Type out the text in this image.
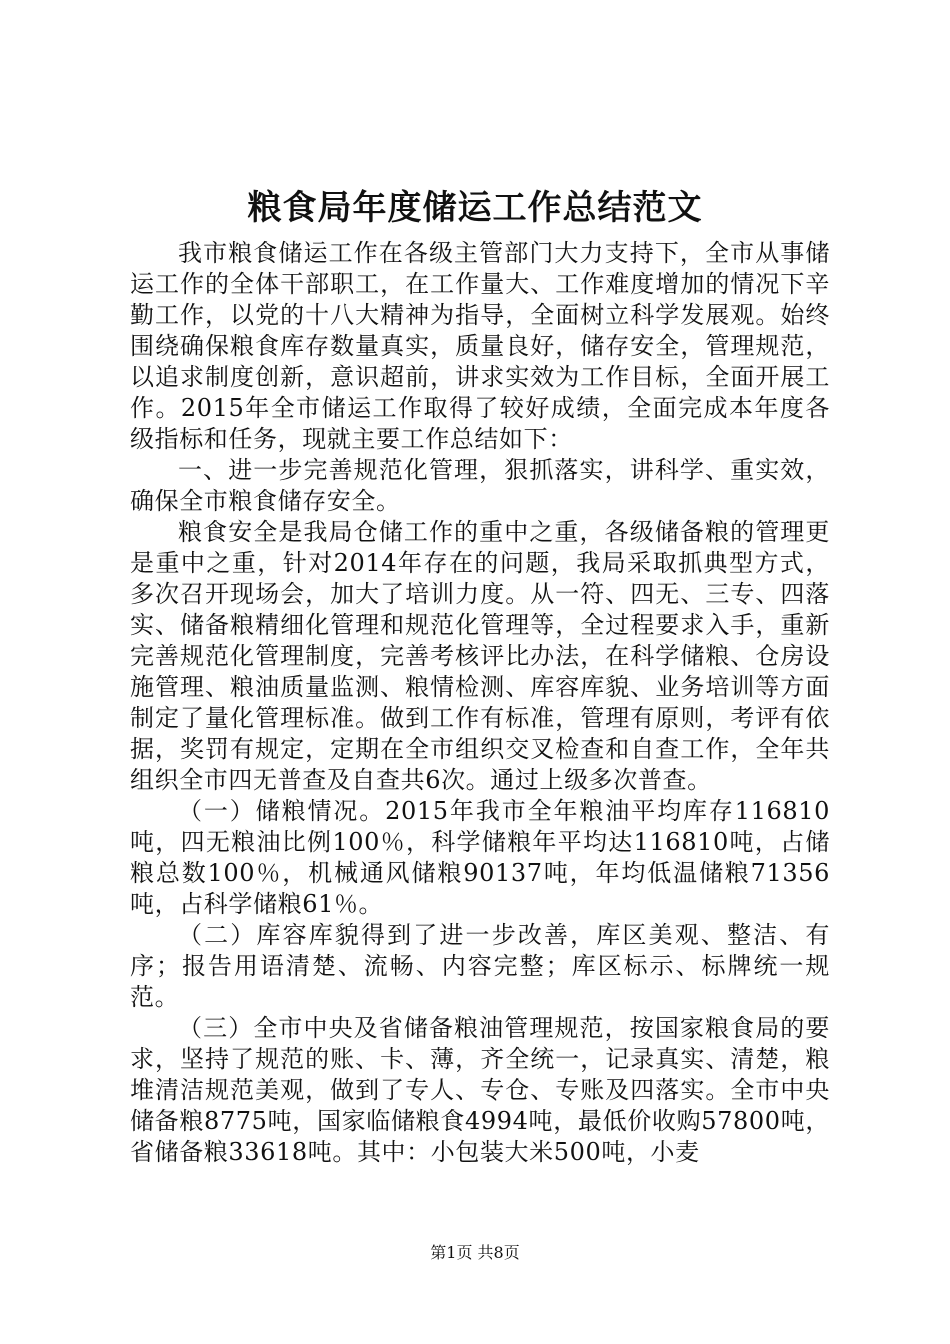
粮食局年度储运工作总结范文

我市粮食储运工作在各级主管部门大力支持下，全市从事储运工作的全体干部职工，在工作量大、工作难度增加的情况下辛勤工作，以党的十八大精神为指导，全面树立科学发展观。始终围绕确保粮食库存数量真实，质量良好，储存安全，管理规范，以追求制度创新，意识超前，讲求实效为工作目标，全面开展工作。2015年全市储运工作取得了较好成绩，全面完成本年度各级指标和任务，现就主要工作总结如下：

一、进一步完善规范化管理，狠抓落实，讲科学、重实效，确保全市粮食储存安全。

粮食安全是我局仓储工作的重中之重，各级储备粮的管理更是重中之重，针对2014年存在的问题，我局采取抓典型方式，多次召开现场会，加大了培训力度。从一符、四无、三专、四落实、储备粮精细化管理和规范化管理等，全过程要求入手，重新完善规范化管理制度，完善考核评比办法，在科学储粮、仓房设施管理、粮油质量监测、粮情检测、库容库貌、业务培训等方面制定了量化管理标准。做到工作有标准，管理有原则，考评有依据，奖罚有规定，定期在全市组织交叉检查和自查工作，全年共组织全市四无普查及自查共6次。通过上级多次普查。

（一）储粮情况。2015年我市全年粮油平均库存116810吨，四无粮油比例100％，科学储粮年平均达116810吨，占储粮总数100％，机械通风储粮90137吨，年均低温储粮71356吨，占科学储粮61％。

（二）库容库貌得到了进一步改善，库区美观、整洁、有序；报告用语清楚、流畅、内容完整；库区标示、标牌统一规范。

（三）全市中央及省储备粮油管理规范，按国家粮食局的要求，坚持了规范的账、卡、薄，齐全统一，记录真实、清楚，粮堆清洁规范美观，做到了专人、专仓、专账及四落实。全市中央储备粮8775吨，国家临储粮食4994吨，最低价收购57800吨，省储备粮33618吨。其中：小包装大米500吨，小麦

第1页 共8页
